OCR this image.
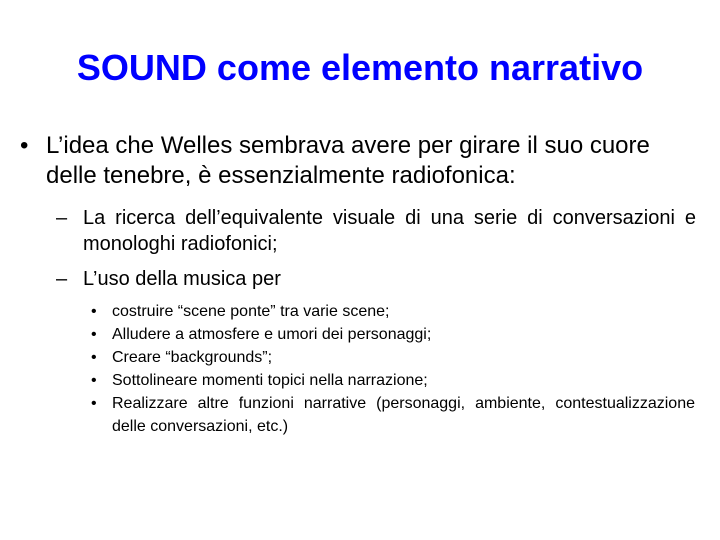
SOUND come elemento narrativo
• L’idea che Welles sembrava avere per girare il suo cuore delle tenebre, è essenzialmente radiofonica:
– La ricerca dell’equivalente visuale di una serie di conversazioni e monologhi radiofonici;
– L’uso della musica per
• costruire “scene ponte” tra varie scene;
• Alludere a atmosfere e umori dei personaggi;
• Creare “backgrounds”;
• Sottolineare momenti topici nella narrazione;
• Realizzare altre funzioni narrative (personaggi, ambiente, contestualizzazione delle conversazioni, etc.)
